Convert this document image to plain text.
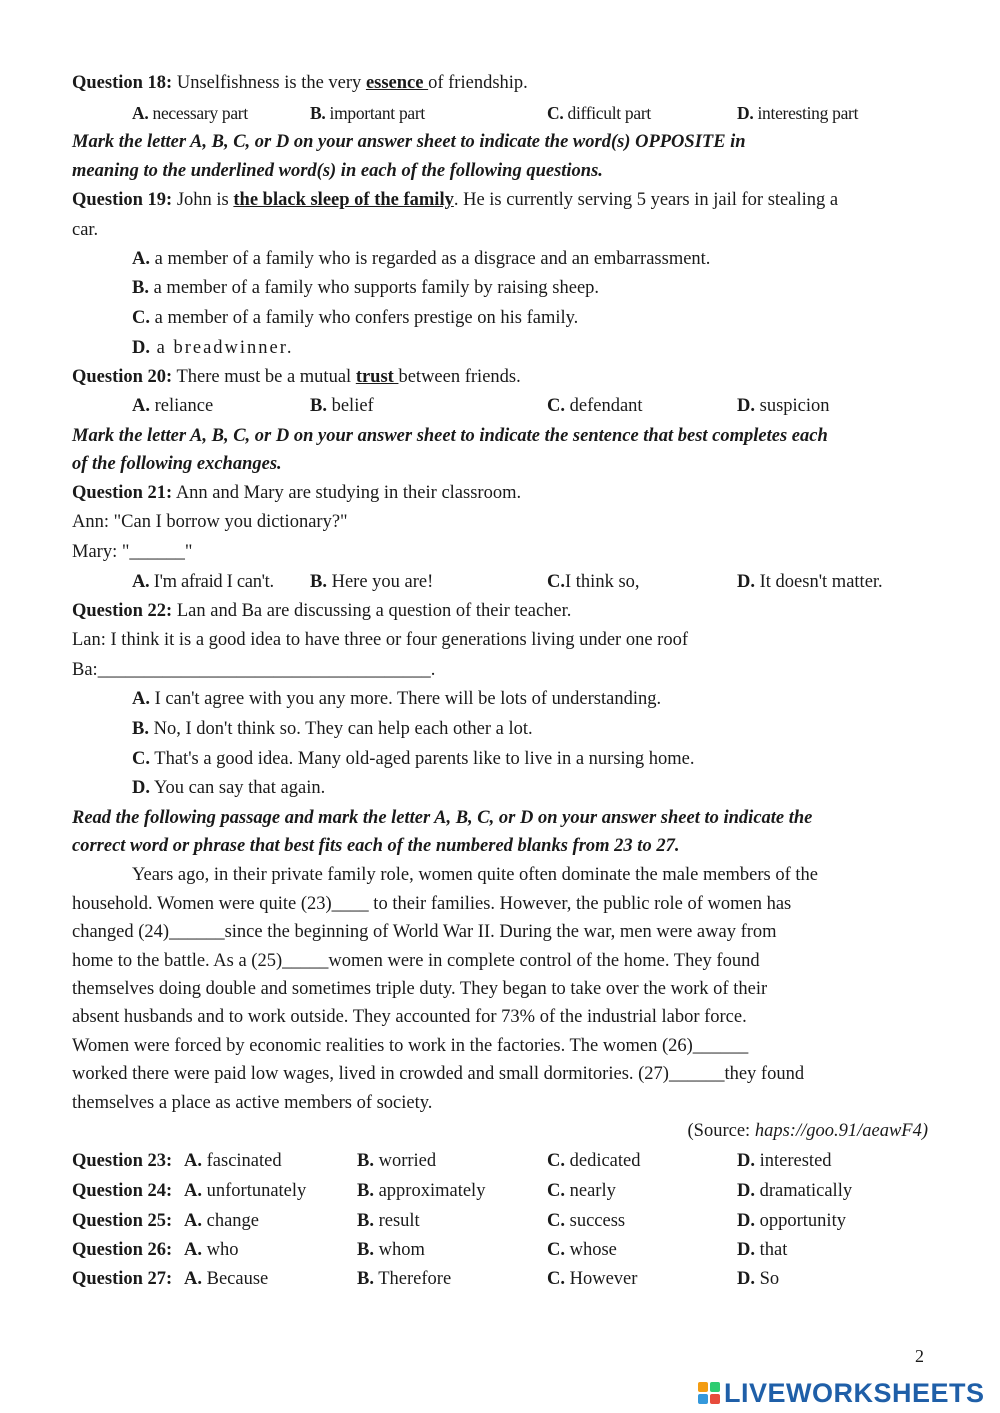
Question 18: Unselfishness is the very essence of friendship.
A. necessary part	B. important part	C. difficult part	D. interesting part
Mark the letter A, B, C, or D on your answer sheet to indicate the word(s) OPPOSITE in
meaning to the underlined word(s) in each of the following questions.
Question 19: John is the black sleep of the family. He is currently serving 5 years in jail for stealing a
car.
A. a member of a family who is regarded as a disgrace and an embarrassment.
B. a member of a family who supports family by raising sheep.
C. a member of a family who confers prestige on his family.
D. a breadwinner.
Question 20: There must be a mutual trust between friends.
A. reliance	B. belief	C. defendant	D. suspicion
Mark the letter A, B, C, or D on your answer sheet to indicate the sentence that best completes each
of the following exchanges.
Question 21: Ann and Mary are studying in their classroom.
Ann: "Can I borrow you dictionary?"
Mary: "______"
A. I'm afraid I can't. B. Here you are!	C.I think so,	D. It doesn't matter.
Question 22: Lan and Ba are discussing a question of their teacher.
Lan: I think it is a good idea to have three or four generations living under one roof
Ba:____________________________________.
A. I can't agree with you any more. There will be lots of understanding.
B. No, I don't think so. They can help each other a lot.
C. That's a good idea. Many old-aged parents like to live in a nursing home.
D. You can say that again.
Read the following passage and mark the letter A, B, C, or D on your answer sheet to indicate the
correct word or phrase that best fits each of the numbered blanks from 23 to 27.
Years ago, in their private family role, women quite often dominate the male members of the
household. Women were quite (23)____ to their families. However, the public role of women has
changed (24)______since the beginning of World War II. During the war, men were away from
home to the battle. As a (25)_____women were in complete control of the home. They found
themselves doing double and sometimes triple duty. They began to take over the work of their
absent husbands and to work outside. They accounted for 73% of the industrial labor force.
Women were forced by economic realities to work in the factories. The women (26)______
worked there were paid low wages, lived in crowded and small dormitories. (27)______they found
themselves a place as active members of society.
(Source: haps://goo.91/aeawF4)
Question 23: A. fascinated	B. worried	C. dedicated	D. interested
Question 24: A. unfortunately	B. approximately	C. nearly	D. dramatically
Question 25: A. change	B. result	C. success	D. opportunity
Question 26: A. who	B. whom	C. whose	D. that
Question 27: A. Because	B. Therefore	C. However	D. So
2
LIVEWORKSHEETS
